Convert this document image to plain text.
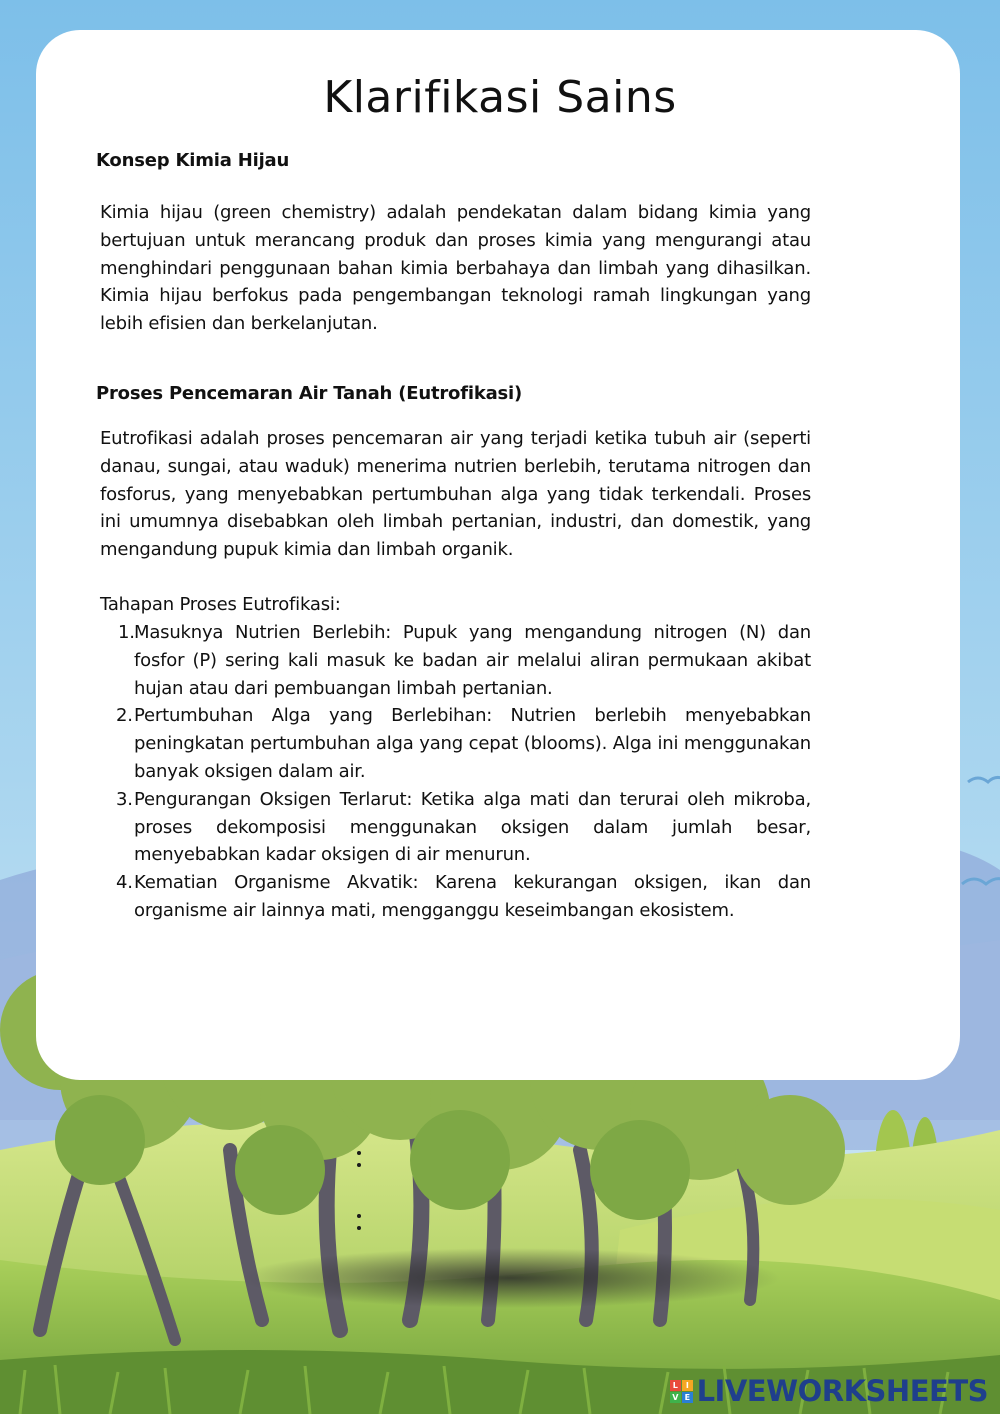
Klarifikasi Sains
Konsep Kimia Hijau

Kimia hijau (green chemistry) adalah pendekatan dalam bidang kimia yang bertujuan untuk merancang produk dan proses kimia yang mengurangi atau menghindari penggunaan bahan kimia berbahaya dan limbah yang dihasilkan. Kimia hijau berfokus pada pengembangan teknologi ramah lingkungan yang lebih efisien dan berkelanjutan.

Proses Pencemaran Air Tanah (Eutrofikasi)

Eutrofikasi adalah proses pencemaran air yang terjadi ketika tubuh air (seperti danau, sungai, atau waduk) menerima nutrien berlebih, terutama nitrogen dan fosforus, yang menyebabkan pertumbuhan alga yang tidak terkendali. Proses ini umumnya disebabkan oleh limbah pertanian, industri, dan domestik, yang mengandung pupuk kimia dan limbah organik.

Tahapan Proses Eutrofikasi:

1. Masuknya Nutrien Berlebih: Pupuk yang mengandung nitrogen (N) dan fosfor (P) sering kali masuk ke badan air melalui aliran permukaan akibat hujan atau dari pembuangan limbah pertanian.
2. Pertumbuhan Alga yang Berlebihan: Nutrien berlebih menyebabkan peningkatan pertumbuhan alga yang cepat (blooms). Alga ini menggunakan banyak oksigen dalam air.
3. Pengurangan Oksigen Terlarut: Ketika alga mati dan terurai oleh mikroba, proses dekomposisi menggunakan oksigen dalam jumlah besar, menyebabkan kadar oksigen di air menurun.
4. Kematian Organisme Akvatik: Karena kekurangan oksigen, ikan dan organisme air lainnya mati, mengganggu keseimbangan ekosistem.
L	I
V E LIVEWORKSHEETS
